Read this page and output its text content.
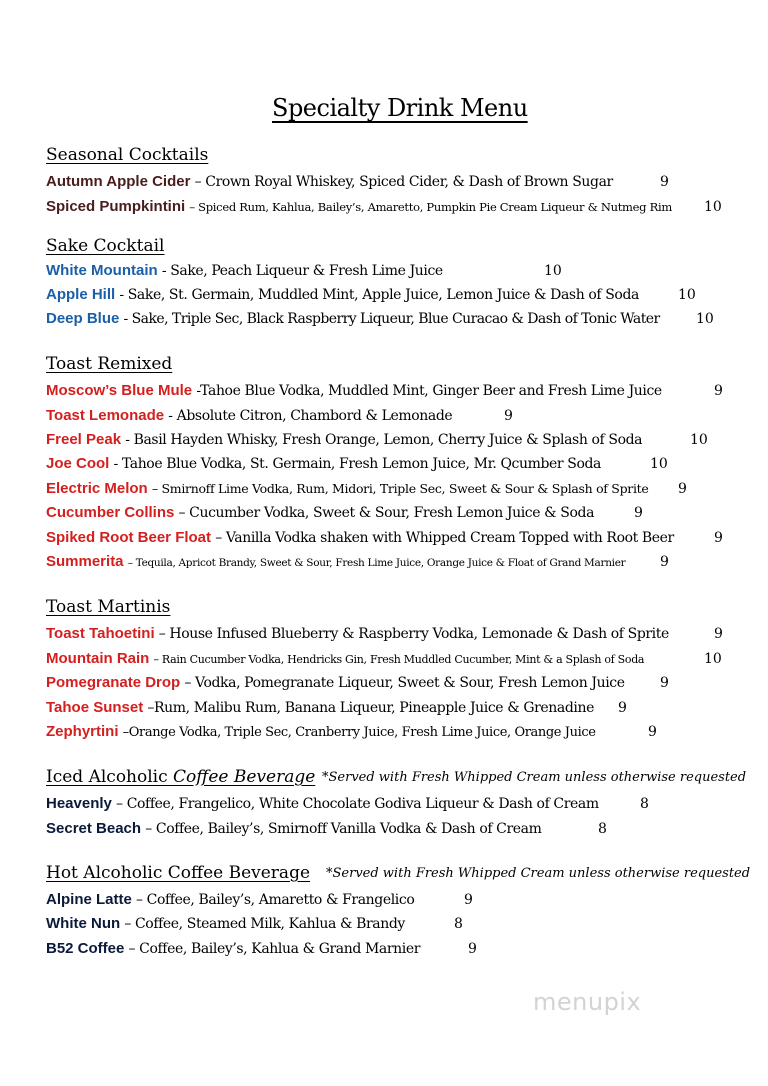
Specialty Drink Menu
Seasonal Cocktails
Autumn Apple Cider – Crown Royal Whiskey, Spiced Cider, & Dash of Brown Sugar	9
Spiced Pumpkintini – Spiced Rum, Kahlua, Bailey’s, Amaretto, Pumpkin Pie Cream Liqueur & Nutmeg Rim 10
Sake Cocktail
White Mountain - Sake, Peach Liqueur & Fresh Lime Juice	10
Apple Hill - Sake, St. Germain, Muddled Mint, Apple Juice, Lemon Juice & Dash of Soda	10
Deep Blue - Sake, Triple Sec, Black Raspberry Liqueur, Blue Curacao & Dash of Tonic Water	10
Toast Remixed
Moscow’s Blue Mule -Tahoe Blue Vodka, Muddled Mint, Ginger Beer and Fresh Lime Juice	9
Toast Lemonade - Absolute Citron, Chambord & Lemonade	9
Freel Peak - Basil Hayden Whisky, Fresh Orange, Lemon, Cherry Juice & Splash of Soda	10
Joe Cool - Tahoe Blue Vodka, St. Germain, Fresh Lemon Juice, Mr. Qcumber Soda	10
Electric Melon – Smirnoff Lime Vodka, Rum, Midori, Triple Sec, Sweet & Sour & Splash of Sprite 9
Cucumber Collins – Cucumber Vodka, Sweet & Sour, Fresh Lemon Juice & Soda	9
Spiked Root Beer Float – Vanilla Vodka shaken with Whipped Cream Topped with Root Beer	9
Summerita – Tequila, Apricot Brandy, Sweet & Sour, Fresh Lime Juice, Orange Juice & Float of Grand Marnier 9
Toast Martinis
Toast Tahoetini – House Infused Blueberry & Raspberry Vodka, Lemonade & Dash of Sprite	9
Mountain Rain – Rain Cucumber Vodka, Hendricks Gin, Fresh Muddled Cucumber, Mint & a Splash of Soda	10
Pomegranate Drop – Vodka, Pomegranate Liqueur, Sweet & Sour, Fresh Lemon Juice	9
Tahoe Sunset –Rum, Malibu Rum, Banana Liqueur, Pineapple Juice & Grenadine 9
Zephyrtini –Orange Vodka, Triple Sec, Cranberry Juice, Fresh Lime Juice, Orange Juice	9
Iced Alcoholic Coffee Beverage *Served with Fresh Whipped Cream unless otherwise requested
Heavenly – Coffee, Frangelico, White Chocolate Godiva Liqueur & Dash of Cream	8
Secret Beach – Coffee, Bailey’s, Smirnoff Vanilla Vodka & Dash of Cream	8
Hot Alcoholic Coffee Beverage *Served with Fresh Whipped Cream unless otherwise requested
Alpine Latte – Coffee, Bailey’s, Amaretto & Frangelico	9
White Nun – Coffee, Steamed Milk, Kahlua & Brandy	8
B52 Coffee – Coffee, Bailey’s, Kahlua & Grand Marnier	9
menupix
